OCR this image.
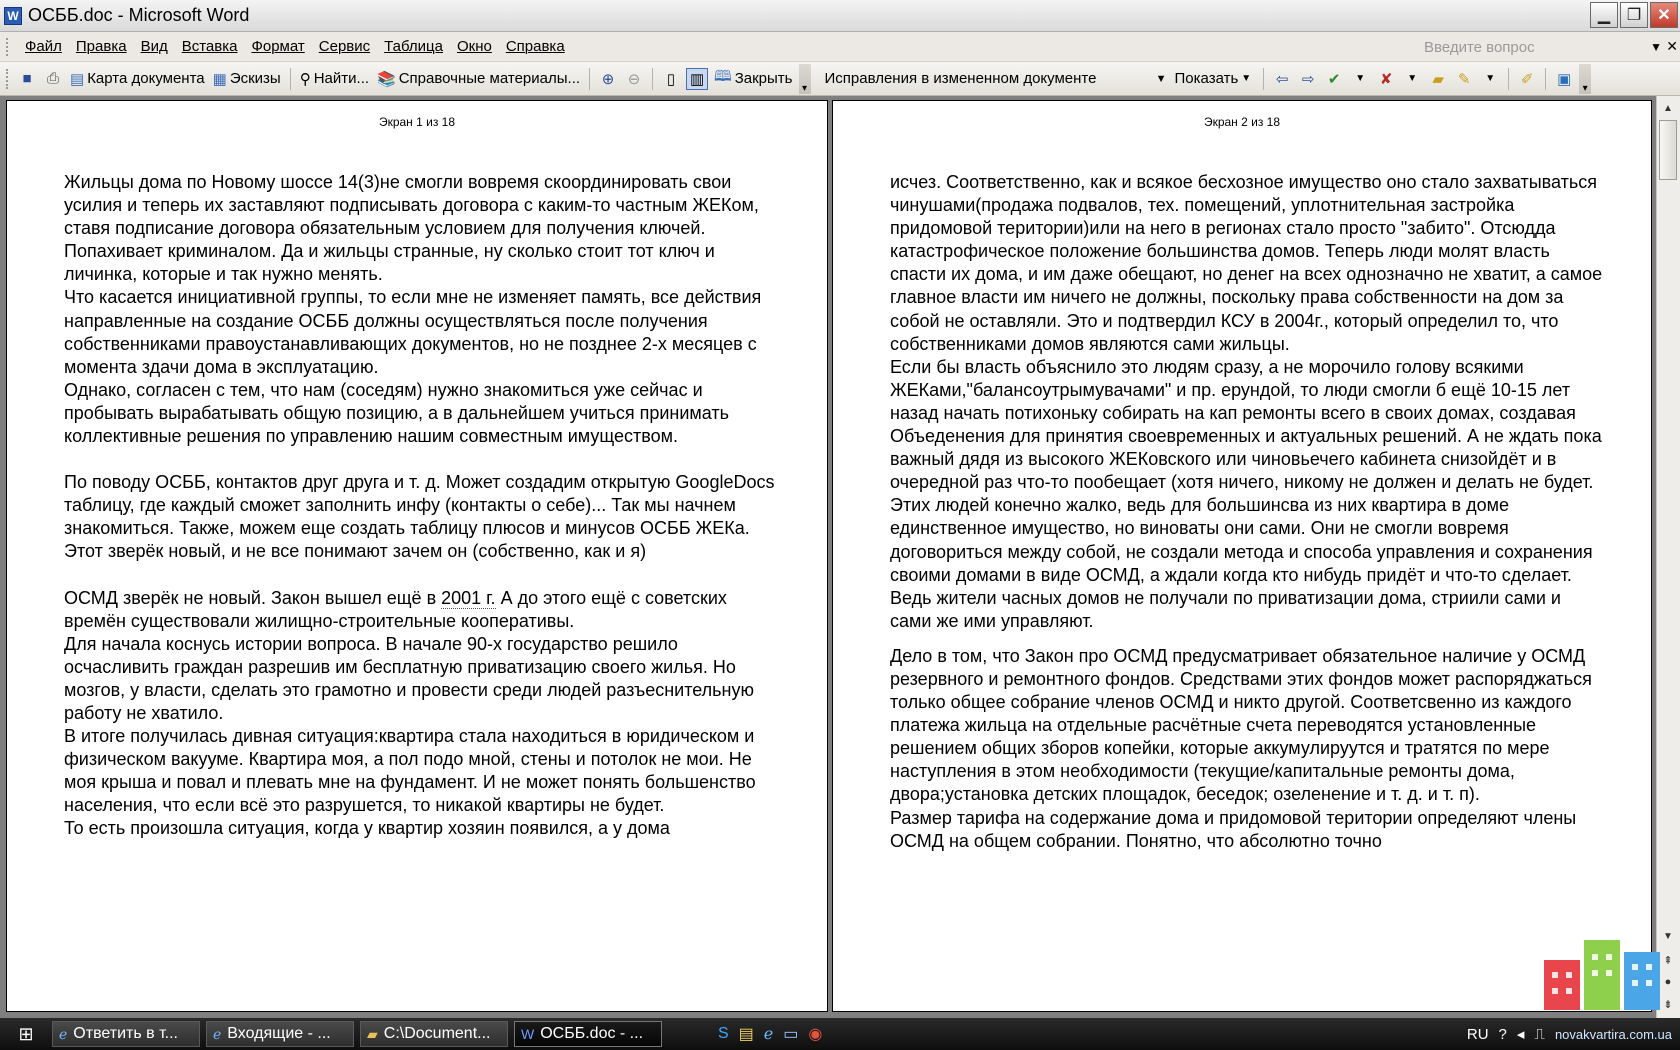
W ОСББ.doc - Microsoft Word	▁	❐	✕
Файл Правка Вид Вставка Формат Сервис Таблица Окно Справка	Введите вопрос	▼ ✕
■	⎙ ▤ Карта документа ▦ Эскизы ⚲ Найти... 📚 Справочные материалы...	⊕ ⊖	▯ ▥ 🕮 Закрыть
▾
Исправления в измененном документе	▼ Показать ▼	⇦ ⇨ ✔	▼ ✘	▼	▰ ✎	▼	✐	▣
▾
Экран 1 из 18

Жильцы дома по Новому шоссе 14(3)не смогли вовремя скоординировать свои усилия и теперь их заставляют подписывать договора с каким-то частным ЖЕКом, ставя подписание договора обязательным условием для получения ключей. Попахивает криминалом. Да и жильцы странные, ну сколько стоит тот ключ и личинка, которые и так нужно менять.

Что касается инициативной группы, то если мне не изменяет память, все действия направленные на создание ОСББ должны осуществляться после получения собственниками правоустанавливающих документов, но не позднее 2-х месяцев с момента здачи дома в эксплуатацию.

Однако, согласен с тем, что нам (соседям) нужно знакомиться уже сейчас и пробывать вырабатывать общую позицию, а в дальнейшем учиться принимать коллективные решения по управлению нашим совместным имуществом.

По поводу ОСББ, контактов друг друга и т. д. Может создадим открытую GoogleDocs таблицу, где каждый сможет заполнить инфу (контакты о себе)... Так мы начнем знакомиться. Также, можем еще создать таблицу плюсов и минусов ОСББ ЖЕКа. Этот зверёк новый, и не все понимают зачем он (собственно, как и я)

ОСМД зверёк не новый. Закон вышел ещё в 2001 г. А до этого ещё с советских времён существовали жилищно-строительные кооперативы.

Для начала коснусь истории вопроса. В начале 90-х государство решило осчасливить граждан разрешив им бесплатную приватизацию своего жилья. Но мозгов, у власти, сделать это грамотно и провести среди людей разъеснительную работу не хватило.

В итоге получилась дивная ситуация:квартира стала находиться в юридическом и физическом вакууме. Квартира моя, а пол подо мной, стены и потолок не мои. Не моя крыша и повал и плевать мне на фундамент. И не может понять большенство населения, что если всё это разрушется, то никакой квартиры не будет.

То есть произошла ситуация, когда у квартир хозяин появился, а у дома

Экран 2 из 18

исчез. Соответственно, как и всякое бесхозное имущество оно стало захватываться чинушами(продажа подвалов, тех. помещений, уплотнительная застройка придомовой територии)или на него в регионах стало просто "забито". Отсюдда катастрофическое положение большинства домов. Теперь люди молят власть спасти их дома, и им даже обещают, но денег на всех однозначно не хватит, а самое главное власти им ничего не должны, поскольку права собственности на дом за собой не оставляли. Это и подтвердил КСУ в 2004г., который определил то, что собственниками домов являются сами жильцы.

Если бы власть объяснило это людям сразу, а не морочило голову всякими ЖЕКами,"балансоутрымувачами" и пр. ерундой, то люди смогли б ещё 10-15 лет назад начать потихоньку собирать на кап ремонты всего в своих домах, создавая Объеденения для принятия своевременных и актуальных решений. А не ждать пока важный дядя из высокого ЖЕКовского или чиновьечего кабинета снизойдёт и в очередной раз что-то пообещает (хотя ничего, никому не должен и делать не будет.

Этих людей конечно жалко, ведь для большинсва из них квартира в доме единственное имущество, но виноваты они сами. Они не смогли вовремя договориться между собой, не создали метода и способа управления и сохранения своими домами в виде ОСМД, а ждали когда кто нибудь придёт и что-то сделает. Ведь жители часных домов не получали по приватизации дома, стриили сами и сами же ими управляют.

Дело в том, что Закон про ОСМД предусматривает обязательное наличие у ОСМД резервного и ремонтного фондов. Средствами этих фондов может распоряджаться только общее собрание членов ОСМД и никто другой. Соответсвенно из каждого платежа жильца на отдельные расчётные счета переводятся установленные решением общих зборов копейки, которые аккумулируутся и тратятся по мере наступления в этом необходимости (текущие/капитальные ремонты дома, двора;установка детских площадок, беседок; озеленение и т. д. и т. п).

Размер тарифа на содержание дома и придомовой територии определяют члены ОСМД на общем собрании. Понятно, что абсолютно точно

▲
▼
⇞
●
⇟
⊞	ℯ Ответить в т...	ℯ Входящие - ...	▰ C:\Document... W ОСББ.doc - ...	S ▤ ℯ ▭ ◉	RU ? ◂ ⎍ novakvartira.com.ua
